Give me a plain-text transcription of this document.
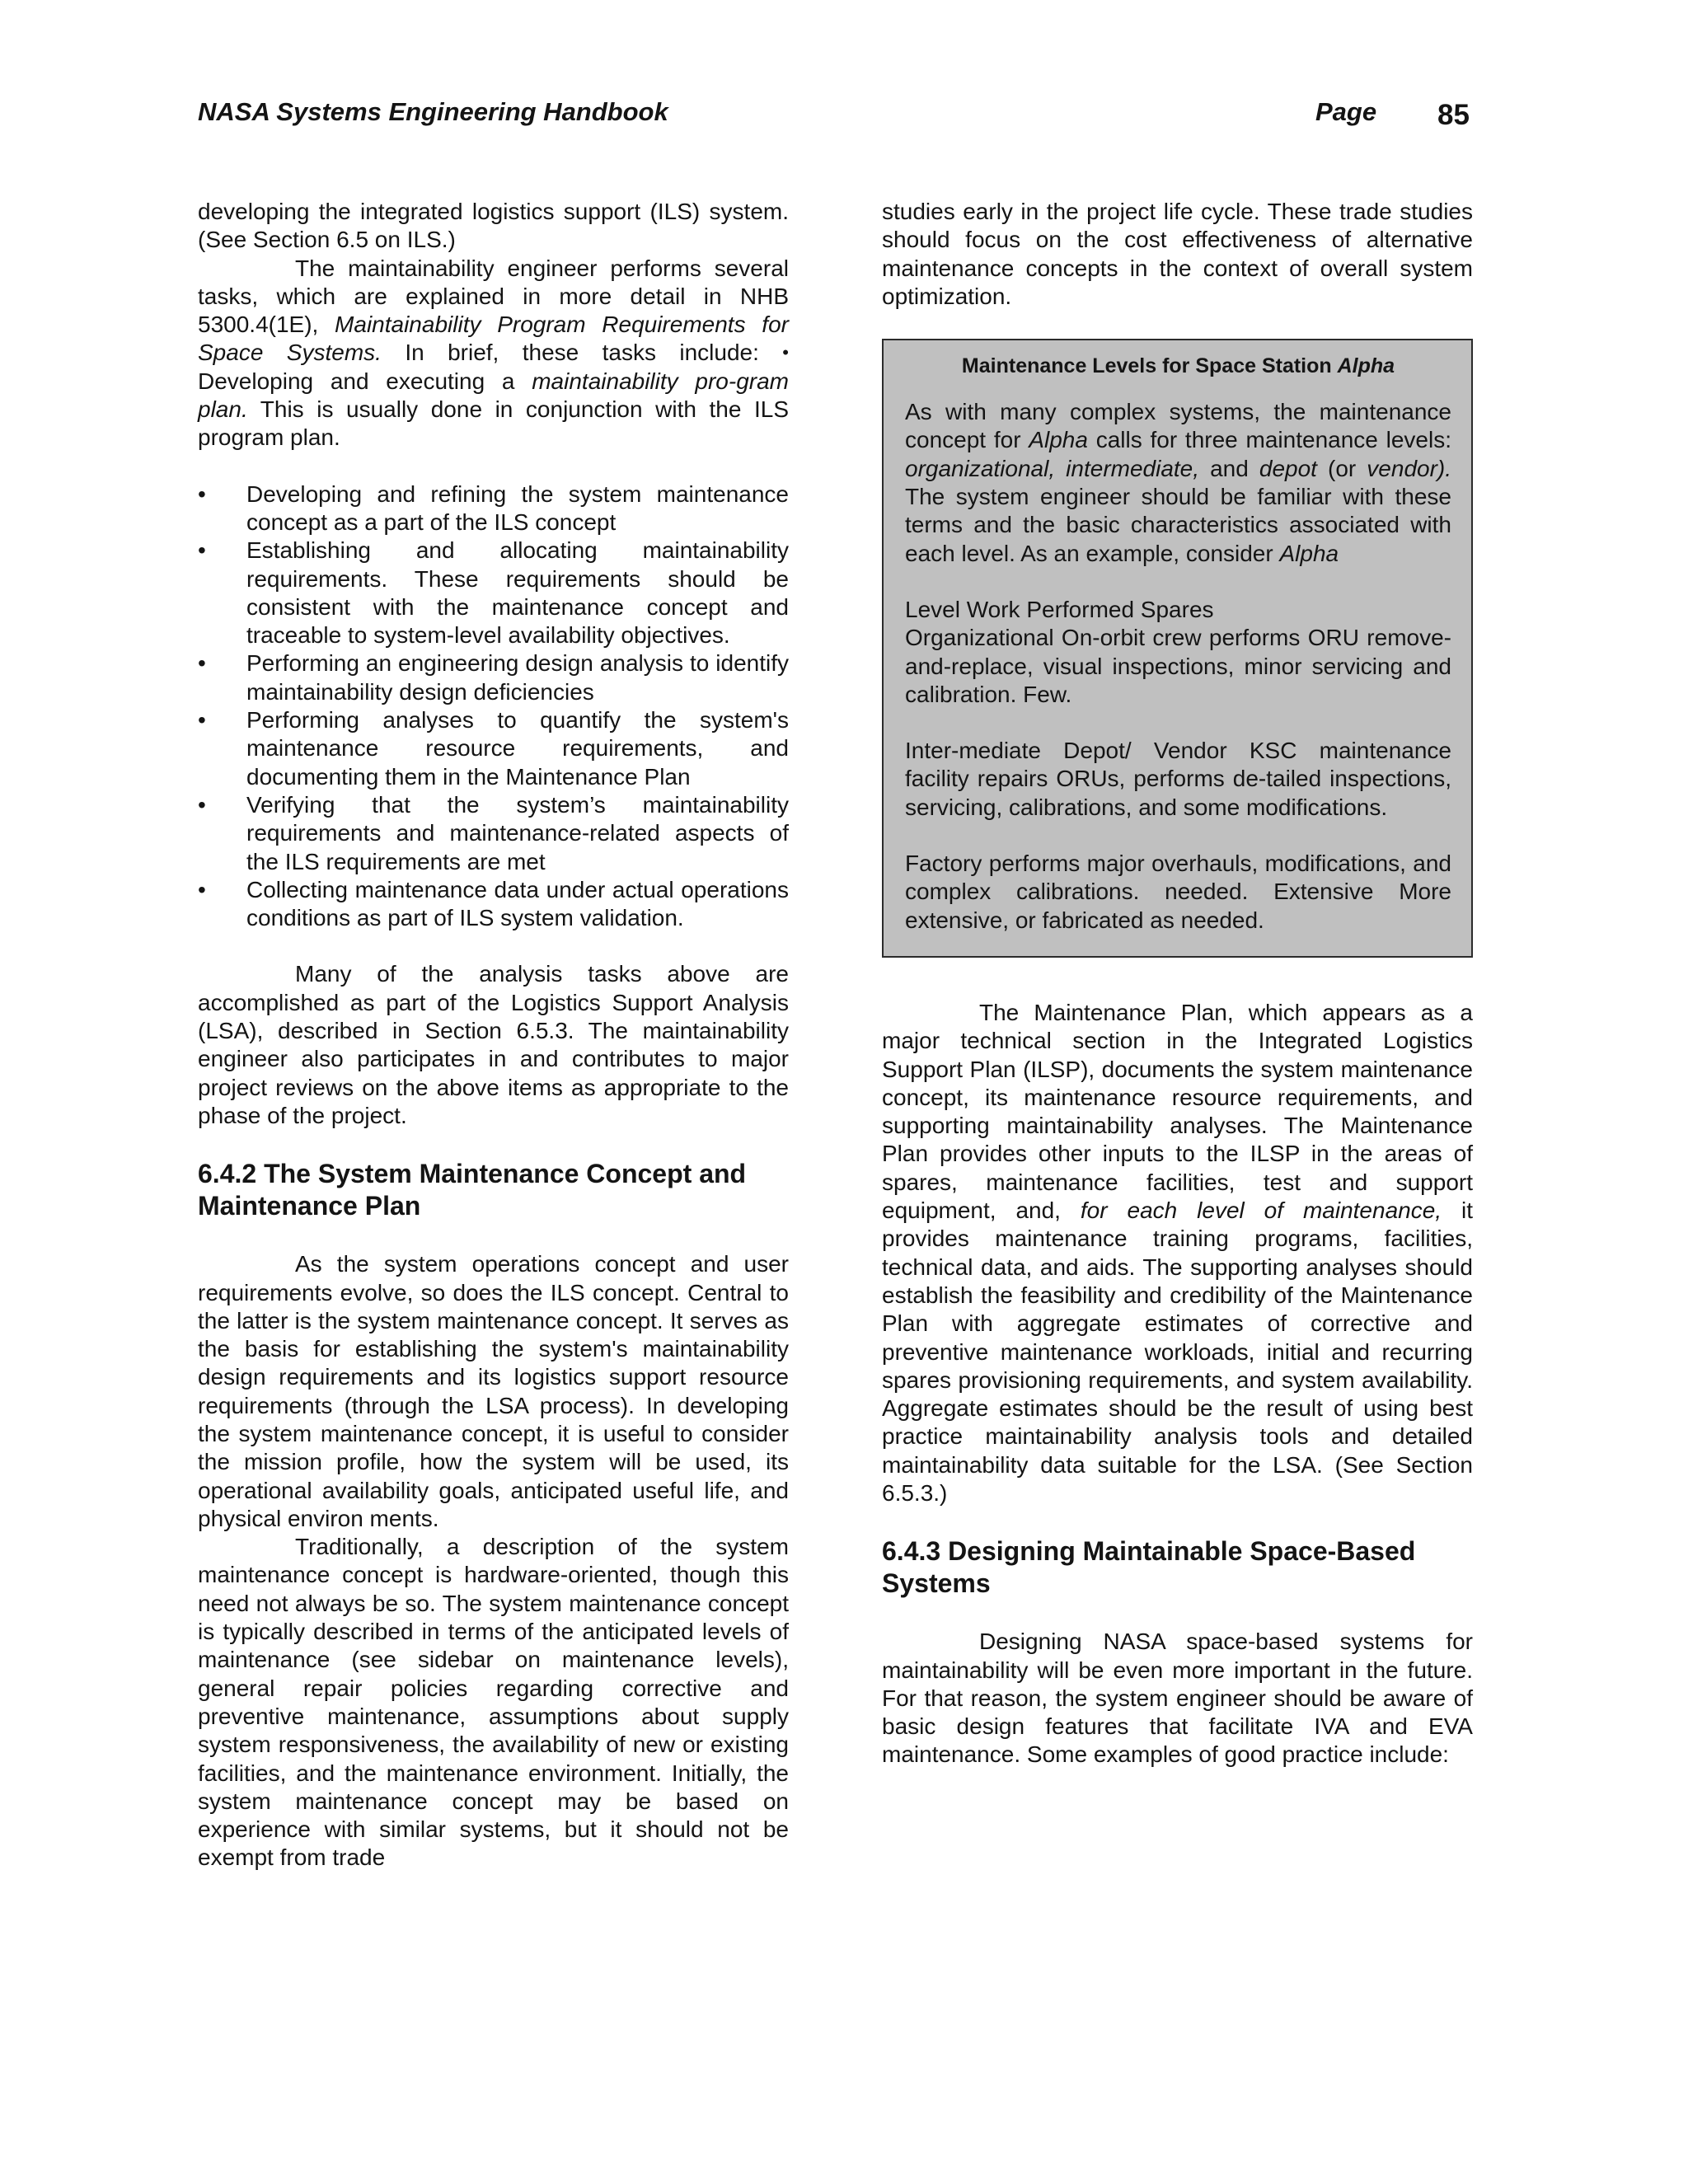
NASA Systems Engineering Handbook	Page 85

developing the integrated logistics support (ILS) system. (See Section 6.5 on ILS.)

The maintainability engineer performs several tasks, which are explained in more detail in NHB 5300.4(1E), Maintainability Program Requirements for Space Systems. In brief, these tasks include: • Developing and executing a maintainability pro-gram plan. This is usually done in conjunction with the ILS program plan.

• Developing and refining the system maintenance concept as a part of the ILS concept
• Establishing and allocating maintainability requirements. These requirements should be consistent with the maintenance concept and traceable to system-level availability objectives.
• Performing an engineering design analysis to identify maintainability design deficiencies
• Performing analyses to quantify the system's maintenance resource requirements, and documenting them in the Maintenance Plan
• Verifying that the system’s maintainability requirements and maintenance-related aspects of the ILS requirements are met
• Collecting maintenance data under actual operations conditions as part of ILS system validation.

Many of the analysis tasks above are accomplished as part of the Logistics Support Analysis (LSA), described in Section 6.5.3. The maintainability engineer also participates in and contributes to major project reviews on the above items as appropriate to the phase of the project.

6.4.2 The System Maintenance Concept and Maintenance Plan

As the system operations concept and user requirements evolve, so does the ILS concept. Central to the latter is the system maintenance concept. It serves as the basis for establishing the system's maintainability design requirements and its logistics support resource requirements (through the LSA process). In developing the system maintenance concept, it is useful to consider the mission profile, how the system will be used, its operational availability goals, anticipated useful life, and physical environ ments.

Traditionally, a description of the system maintenance concept is hardware-oriented, though this need not always be so. The system maintenance concept is typically described in terms of the anticipated levels of maintenance (see sidebar on maintenance levels), general repair policies regarding corrective and preventive maintenance, assumptions about supply system responsiveness, the availability of new or existing facilities, and the maintenance environment. Initially, the system maintenance concept may be based on experience with similar systems, but it should not be exempt from trade

studies early in the project life cycle. These trade studies should focus on the cost effectiveness of alternative maintenance concepts in the context of overall system optimization.

Maintenance Levels for Space Station Alpha

As with many complex systems, the maintenance concept for Alpha calls for three maintenance levels: organizational, intermediate, and depot (or vendor). The system engineer should be familiar with these terms and the basic characteristics associated with each level. As an example, consider Alpha

Level Work Performed Spares

Organizational On-orbit crew performs ORU remove-and-replace, visual inspections, minor servicing and calibration. Few.

Inter-mediate Depot/ Vendor KSC maintenance facility repairs ORUs, performs de-tailed inspections, servicing, calibrations, and some modifications.

Factory performs major overhauls, modifications, and complex calibrations. needed. Extensive More extensive, or fabricated as needed.

The Maintenance Plan, which appears as a major technical section in the Integrated Logistics Support Plan (ILSP), documents the system maintenance concept, its maintenance resource requirements, and supporting maintainability analyses. The Maintenance Plan provides other inputs to the ILSP in the areas of spares, maintenance facilities, test and support equipment, and, for each level of maintenance, it provides maintenance training programs, facilities, technical data, and aids. The supporting analyses should establish the feasibility and credibility of the Maintenance Plan with aggregate estimates of corrective and preventive maintenance workloads, initial and recurring spares provisioning requirements, and system availability. Aggregate estimates should be the result of using best practice maintainability analysis tools and detailed maintainability data suitable for the LSA. (See Section 6.5.3.)

6.4.3 Designing Maintainable Space-Based Systems

Designing NASA space-based systems for maintainability will be even more important in the future. For that reason, the system engineer should be aware of basic design features that facilitate IVA and EVA maintenance. Some examples of good practice include:
